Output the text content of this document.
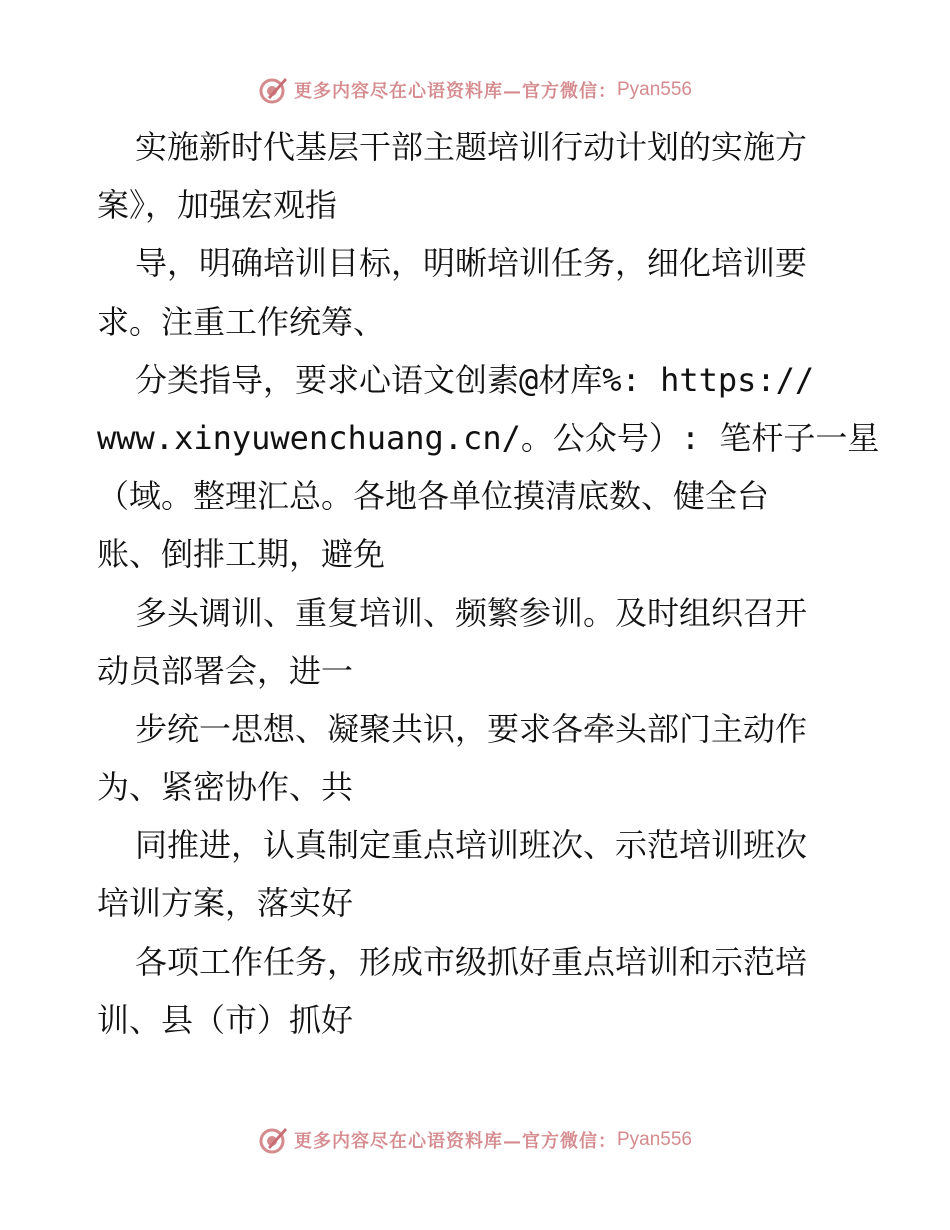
更多内容尽在心语资料库—官方微信： Pyan556
实施新时代基层干部主题培训行动计划的实施方
案》，加强宏观指
导，明确培训目标，明晰培训任务，细化培训要
求。注重工作统筹、
分类指导，要求心语文创素@材库%: https://
www.xinyuwenchuang.cn/。公众号）: 笔杆子一星
（域。整理汇总。各地各单位摸清底数、健全台
账、倒排工期，避免
多头调训、重复培训、频繁参训。及时组织召开
动员部署会，进一
步统一思想、凝聚共识，要求各牵头部门主动作
为、紧密协作、共
同推进，认真制定重点培训班次、示范培训班次
培训方案，落实好
各项工作任务，形成市级抓好重点培训和示范培
训、县（市）抓好
更多内容尽在心语资料库—官方微信： Pyan556
